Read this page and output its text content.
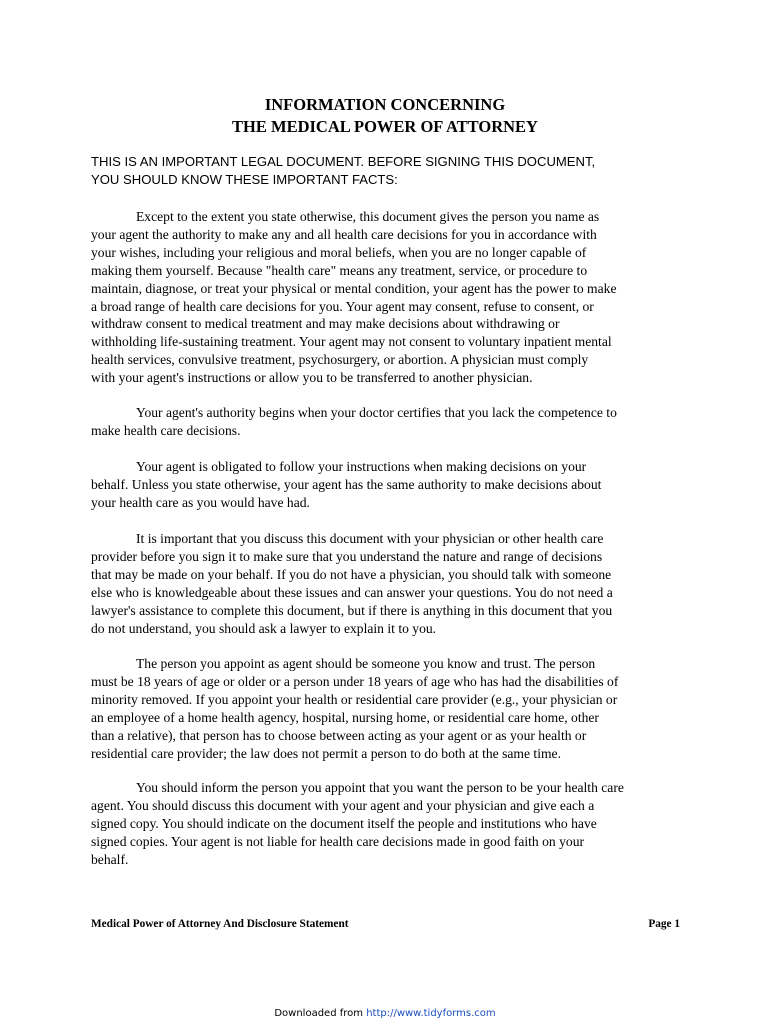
INFORMATION CONCERNING
THE MEDICAL POWER OF ATTORNEY

THIS IS AN IMPORTANT LEGAL DOCUMENT. BEFORE SIGNING THIS DOCUMENT,
YOU SHOULD KNOW THESE IMPORTANT FACTS:

Except to the extent you state otherwise, this document gives the person you name as
your agent the authority to make any and all health care decisions for you in accordance with
your wishes, including your religious and moral beliefs, when you are no longer capable of
making them yourself. Because "health care" means any treatment, service, or procedure to
maintain, diagnose, or treat your physical or mental condition, your agent has the power to make
a broad range of health care decisions for you. Your agent may consent, refuse to consent, or
withdraw consent to medical treatment and may make decisions about withdrawing or
withholding life-sustaining treatment. Your agent may not consent to voluntary inpatient mental
health services, convulsive treatment, psychosurgery, or abortion. A physician must comply
with your agent's instructions or allow you to be transferred to another physician.

Your agent's authority begins when your doctor certifies that you lack the competence to
make health care decisions.

Your agent is obligated to follow your instructions when making decisions on your
behalf. Unless you state otherwise, your agent has the same authority to make decisions about
your health care as you would have had.

It is important that you discuss this document with your physician or other health care
provider before you sign it to make sure that you understand the nature and range of decisions
that may be made on your behalf. If you do not have a physician, you should talk with someone
else who is knowledgeable about these issues and can answer your questions. You do not need a
lawyer's assistance to complete this document, but if there is anything in this document that you
do not understand, you should ask a lawyer to explain it to you.

The person you appoint as agent should be someone you know and trust. The person
must be 18 years of age or older or a person under 18 years of age who has had the disabilities of
minority removed. If you appoint your health or residential care provider (e.g., your physician or
an employee of a home health agency, hospital, nursing home, or residential care home, other
than a relative), that person has to choose between acting as your agent or as your health or
residential care provider; the law does not permit a person to do both at the same time.

You should inform the person you appoint that you want the person to be your health care
agent. You should discuss this document with your agent and your physician and give each a
signed copy. You should indicate on the document itself the people and institutions who have
signed copies. Your agent is not liable for health care decisions made in good faith on your
behalf.

Medical Power of Attorney And Disclosure Statement	Page 1

Downloaded from http://www.tidyforms.com
